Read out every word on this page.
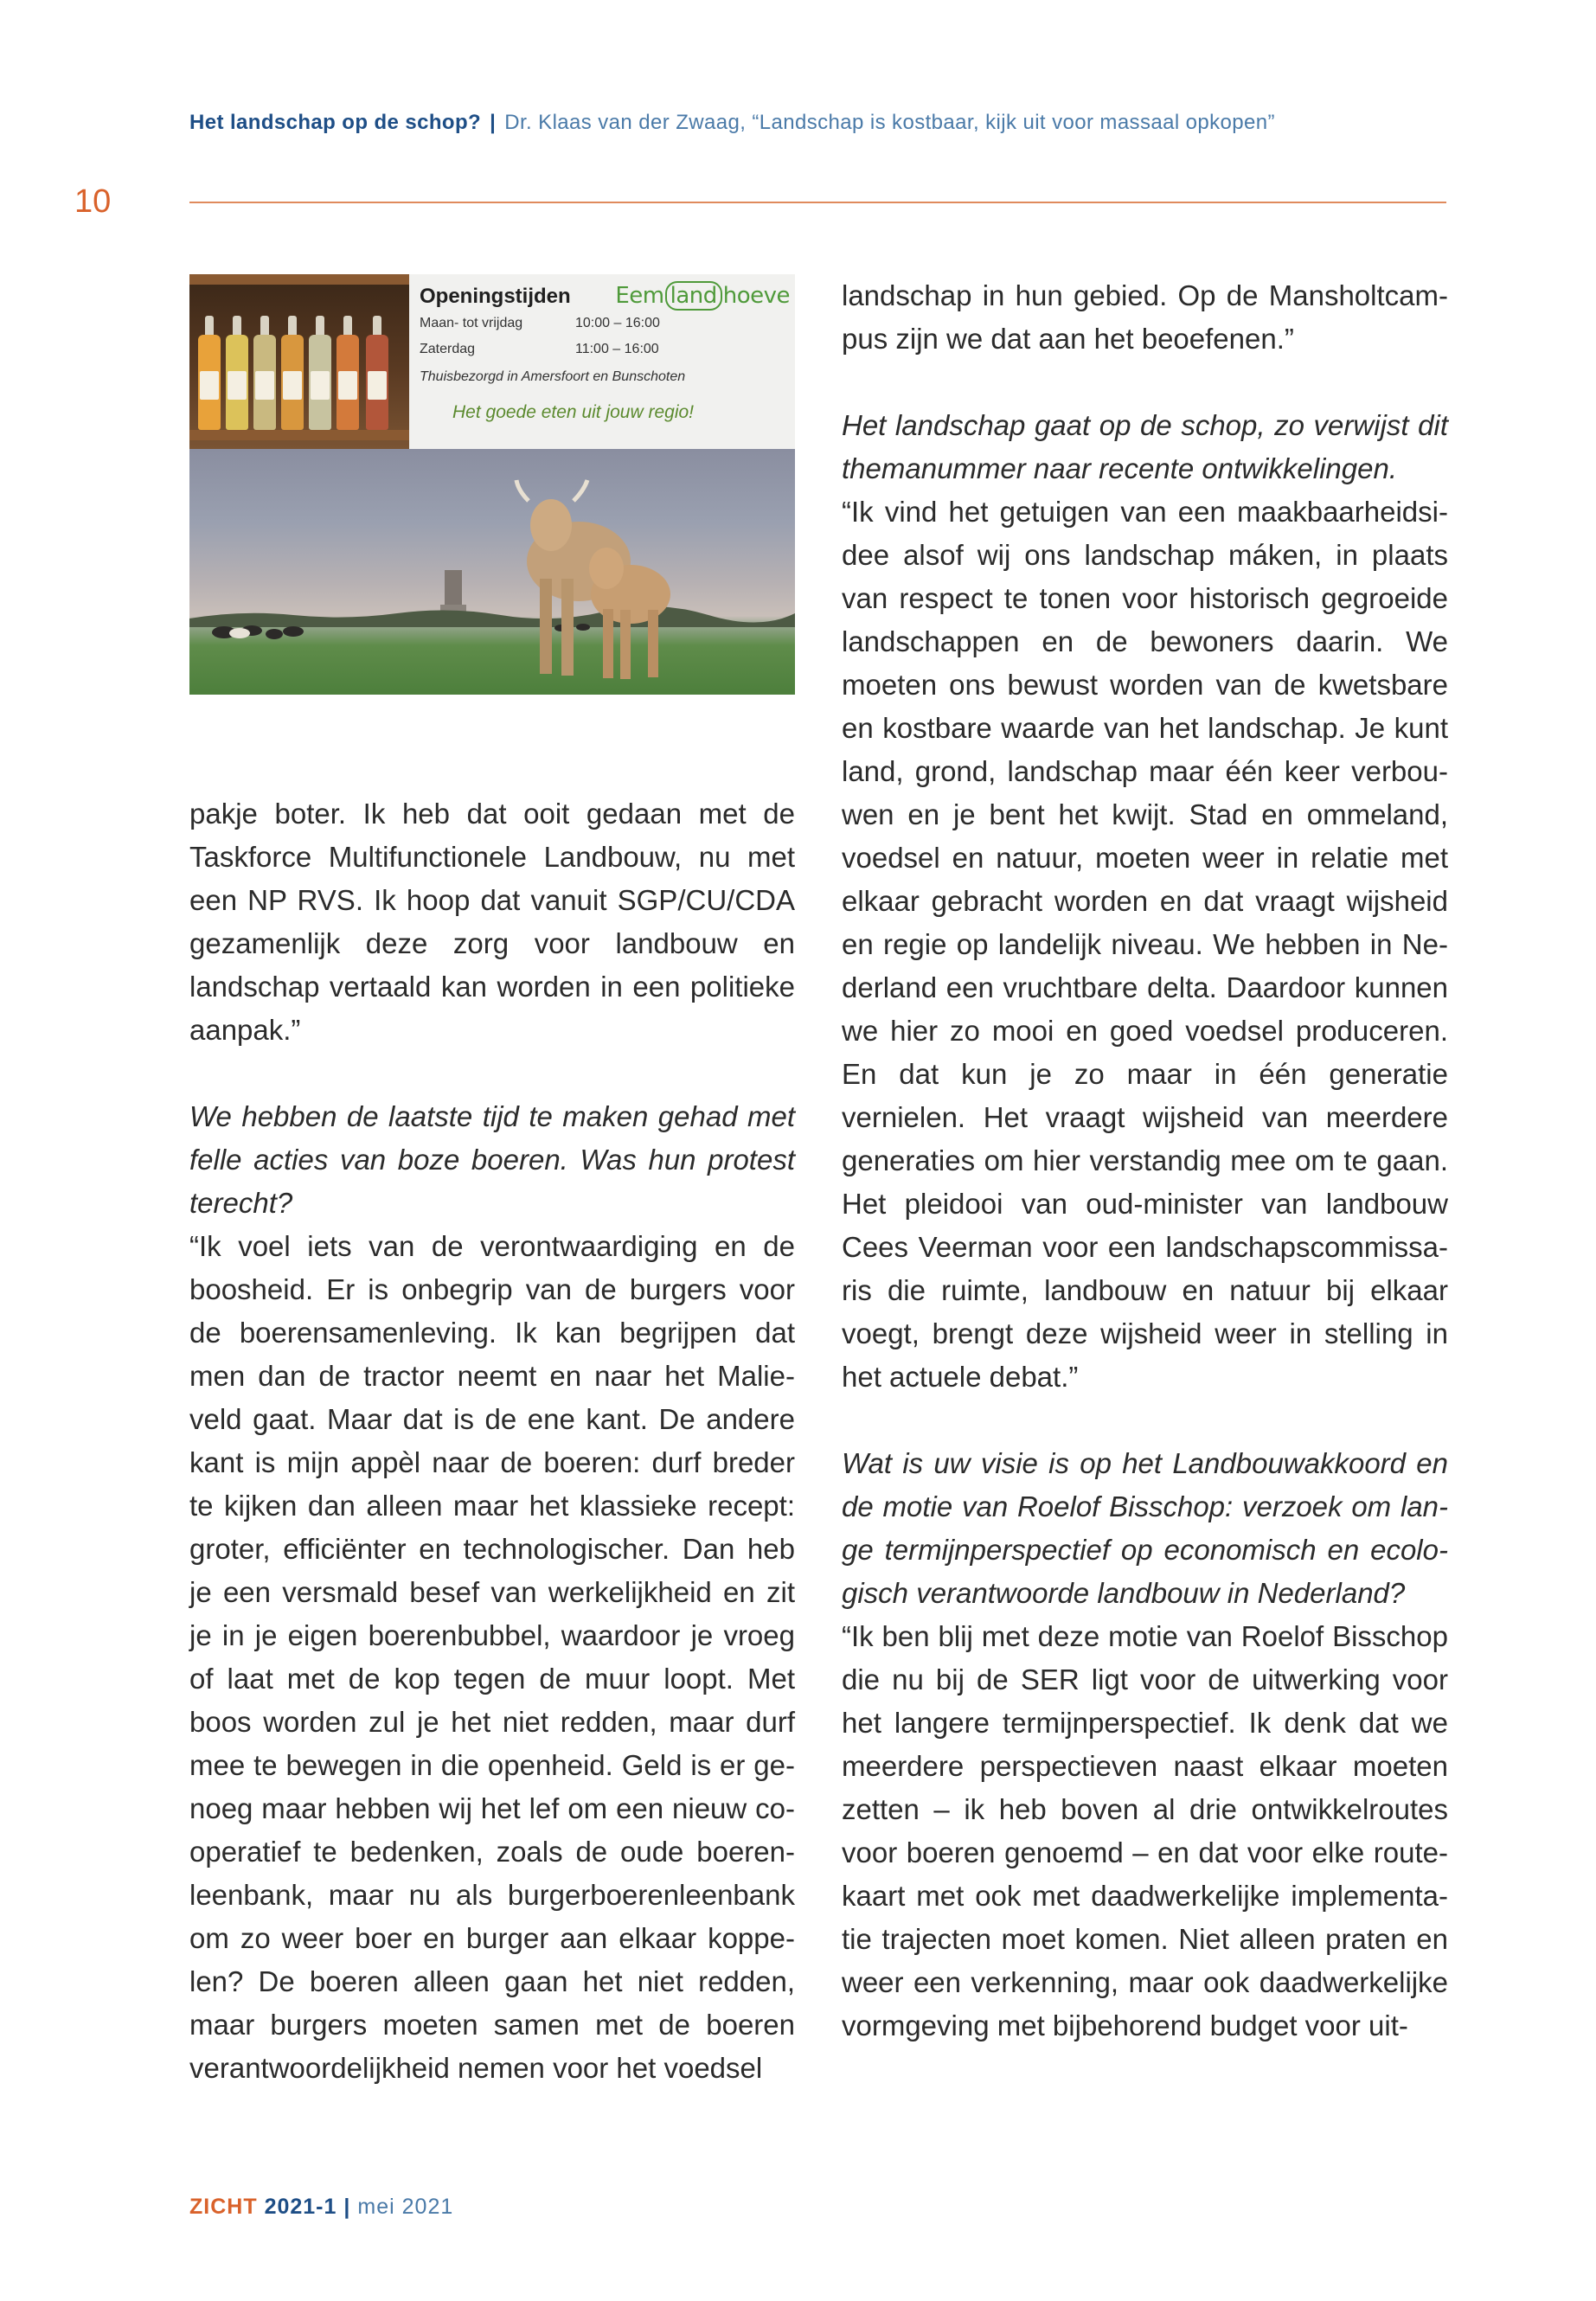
Het landschap op de schop? | Dr. Klaas van der Zwaag, “Landschap is kostbaar, kijk uit voor massaal opkopen”
10
Openingstijden Eem land hoeve
Maan- tot vrijdag	10:00 – 16:00
Zaterdag	11:00 – 16:00
Thuisbezorgd in Amersfoort en Bunschoten
Het goede eten uit jouw regio!

pakje boter. Ik heb dat ooit gedaan met de Taskforce Multifunctionele Landbouw, nu met een NP RVS. Ik hoop dat vanuit SGP/CU/CDA gezamenlijk deze zorg voor landbouw en landschap vertaald kan worden in een politieke aanpak.”

We hebben de laatste tijd te maken gehad met felle acties van boze boeren. Was hun protest terecht?

“Ik voel iets van de verontwaardiging en de boosheid. Er is onbegrip van de burgers voor de boerensamenleving. Ik kan begrijpen dat men dan de tractor neemt en naar het Malieveld gaat. Maar dat is de ene kant. De andere kant is mijn appèl naar de boeren: durf breder te kijken dan alleen maar het klassieke recept: groter, efficiënter en technologischer. Dan heb je een versmald besef van werkelijkheid en zit je in je eigen boerenbubbel, waardoor je vroeg of laat met de kop tegen de muur loopt. Met boos worden zul je het niet redden, maar durf mee te bewegen in die openheid. Geld is er genoeg maar hebben wij het lef om een nieuw cooperatief te bedenken, zoals de oude boerenleenbank, maar nu als burgerboerenleenbank om zo weer boer en burger aan elkaar koppelen? De boeren alleen gaan het niet redden, maar burgers moeten samen met de boeren verantwoordelijkheid nemen voor het voedsel

landschap in hun gebied. Op de Mansholtcampus zijn we dat aan het beoefenen.”

Het landschap gaat op de schop, zo verwijst dit themanummer naar recente ontwikkelingen.

“Ik vind het getuigen van een maakbaarheidsidee alsof wij ons landschap máken, in plaats van respect te tonen voor historisch gegroeide landschappen en de bewoners daarin. We moeten ons bewust worden van de kwetsbare en kostbare waarde van het landschap. Je kunt land, grond, landschap maar één keer verbouwen en je bent het kwijt. Stad en ommeland, voedsel en natuur, moeten weer in relatie met elkaar gebracht worden en dat vraagt wijsheid en regie op landelijk niveau. We hebben in Nederland een vruchtbare delta. Daardoor kunnen we hier zo mooi en goed voedsel produceren. En dat kun je zo maar in één generatie vernielen. Het vraagt wijsheid van meerdere generaties om hier verstandig mee om te gaan. Het pleidooi van oud-minister van landbouw Cees Veerman voor een landschapscommissaris die ruimte, landbouw en natuur bij elkaar voegt, brengt deze wijsheid weer in stelling in het actuele debat.”

Wat is uw visie is op het Landbouwakkoord en de motie van Roelof Bisschop: verzoek om lange termijnperspectief op economisch en ecologisch verantwoorde landbouw in Nederland?

“Ik ben blij met deze motie van Roelof Bisschop die nu bij de SER ligt voor de uitwerking voor het langere termijnperspectief. Ik denk dat we meerdere perspectieven naast elkaar moeten zetten – ik heb boven al drie ontwikkelroutes voor boeren genoemd – en dat voor elke routekaart met ook met daadwerkelijke implementatie trajecten moet komen. Niet alleen praten en weer een verkenning, maar ook daadwerkelijke vormgeving met bijbehorend budget voor uit-

ZICHT 2021-1 | mei 2021
